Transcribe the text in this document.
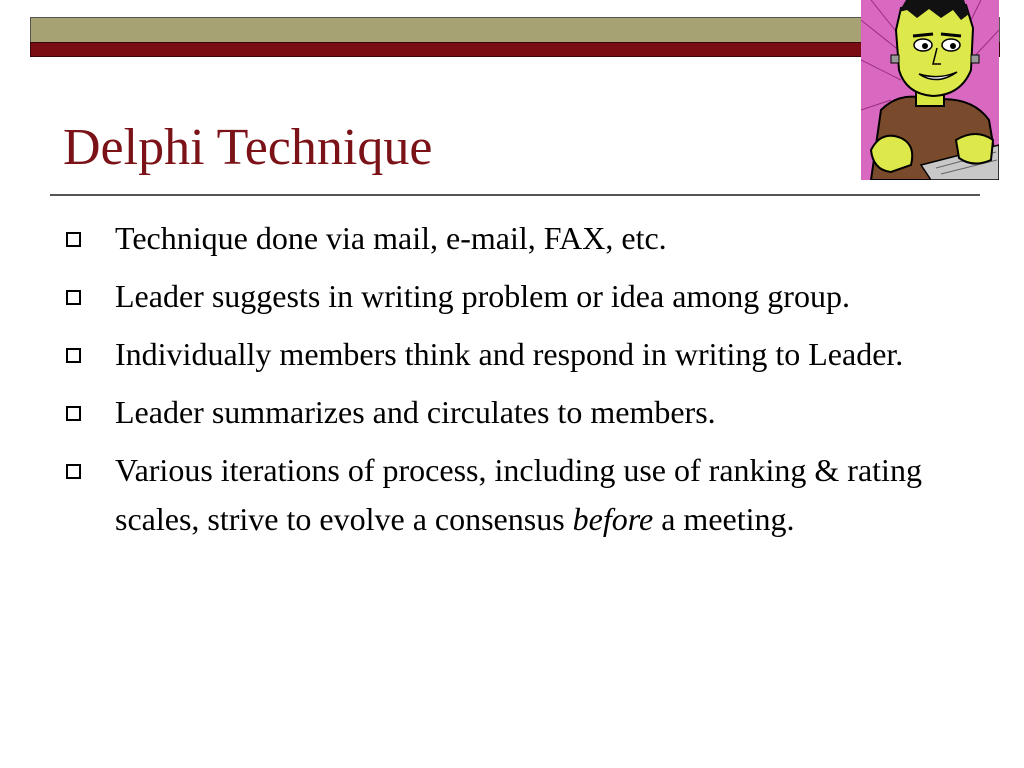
Delphi Technique
Technique done via mail, e-mail, FAX, etc.
Leader suggests in writing problem or idea among group.
Individually members think and respond in writing to Leader.
Leader summarizes and circulates to members.
Various iterations of process, including use of ranking & rating scales, strive to evolve a consensus before a meeting.
